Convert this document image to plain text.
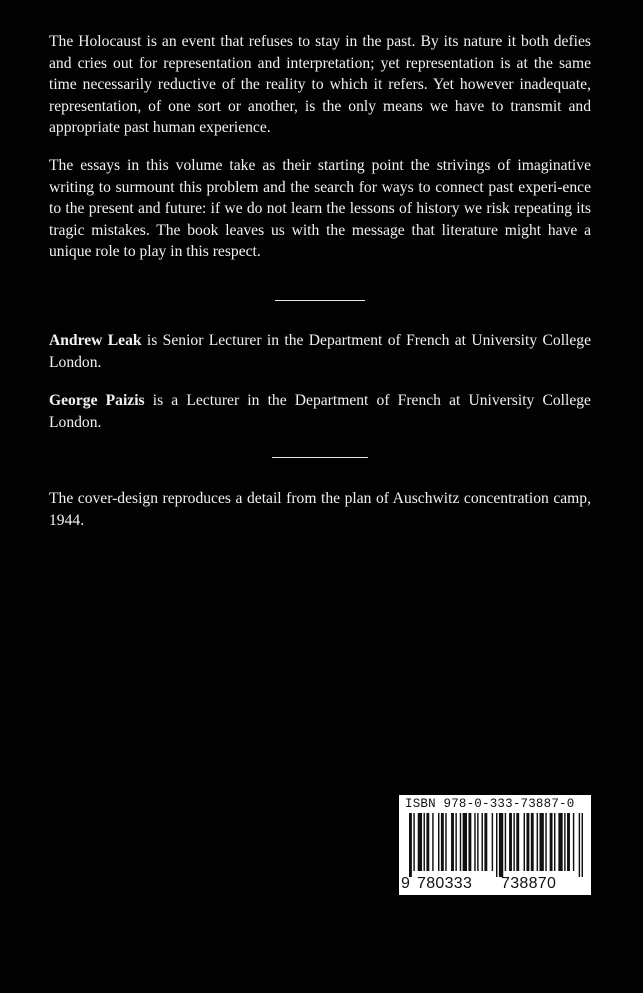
The Holocaust is an event that refuses to stay in the past. By its nature it both defies and cries out for representation and interpretation; yet representation is at the same time necessarily reductive of the reality to which it refers. Yet however inadequate, representation, of one sort or another, is the only means we have to transmit and appropriate past human experience.

The essays in this volume take as their starting point the strivings of imaginative writing to surmount this problem and the search for ways to connect past experi-ence to the present and future: if we do not learn the lessons of history we risk repeating its tragic mistakes. The book leaves us with the message that literature might have a unique role to play in this respect.

Andrew Leak is Senior Lecturer in the Department of French at University College London.

George Paizis is a Lecturer in the Department of French at University College London.

The cover-design reproduces a detail from the plan of Auschwitz concentration camp, 1944.

ISBN 978-0-333-73887-0
9 780333 738870
